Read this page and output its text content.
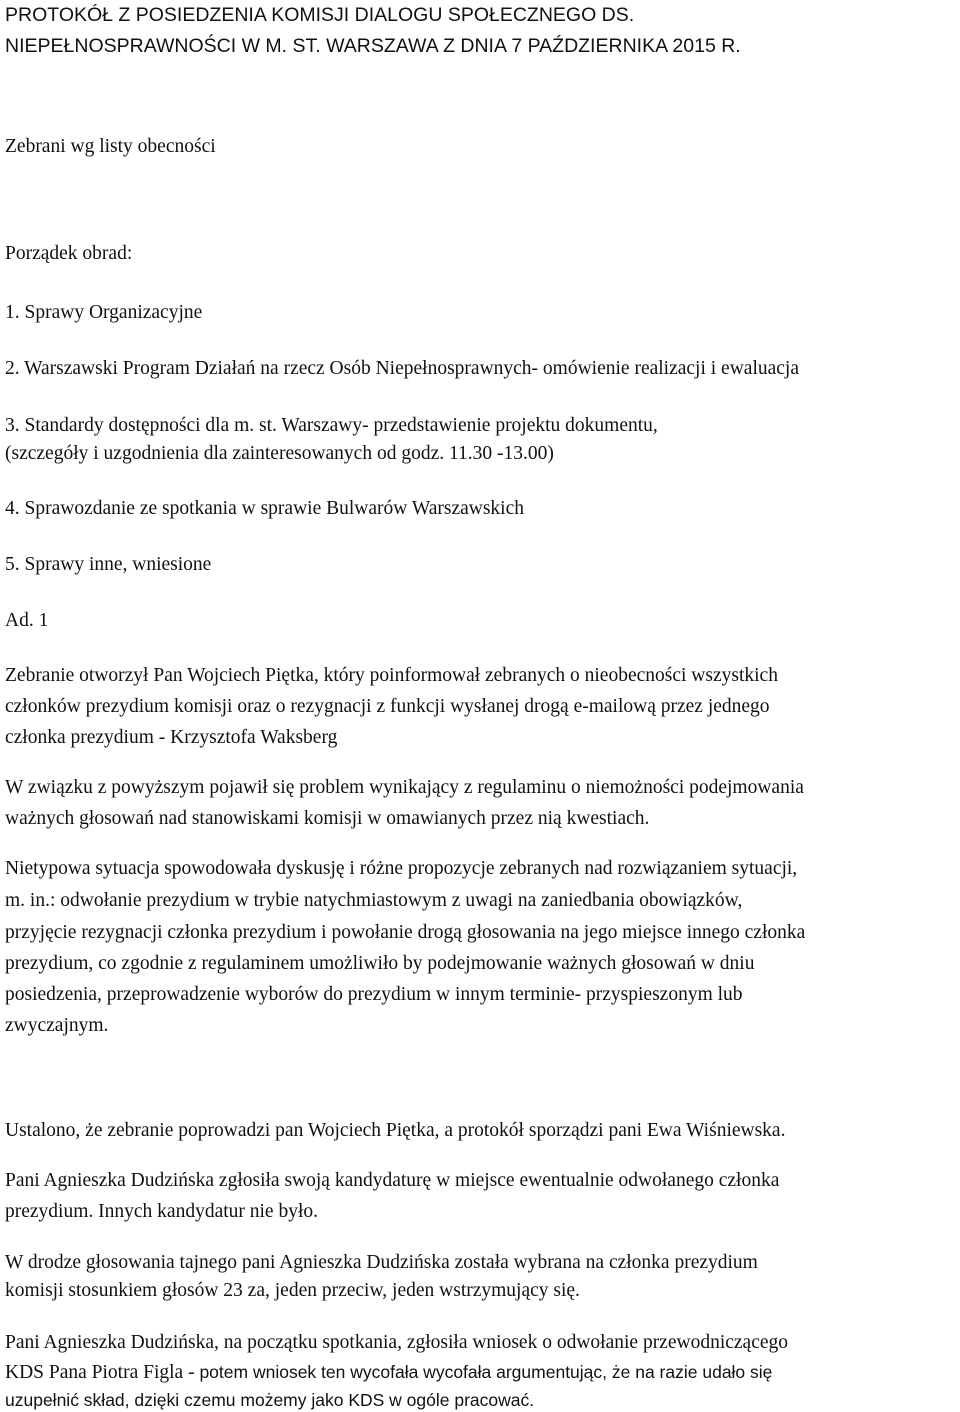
PROTOKÓŁ Z POSIEDZENIA KOMISJI DIALOGU SPOŁECZNEGO DS.

NIEPEŁNOSPRAWNOŚCI W M. ST. WARSZAWA Z DNIA 7 PAŹDZIERNIKA 2015 R.

Zebrani wg listy obecności

Porządek obrad:

1. Sprawy Organizacyjne

2. Warszawski Program Działań na rzecz Osób Niepełnosprawnych- omówienie realizacji i ewaluacja

3. Standardy dostępności dla m. st. Warszawy- przedstawienie projektu dokumentu,

(szczegóły i uzgodnienia dla zainteresowanych od godz. 11.30 -13.00)

4. Sprawozdanie ze spotkania w sprawie Bulwarów Warszawskich

5. Sprawy inne, wniesione

Ad. 1

Zebranie otworzył Pan Wojciech Piętka, który poinformował zebranych o nieobecności wszystkich

członków prezydium komisji oraz o rezygnacji z funkcji wysłanej drogą e-mailową przez jednego

członka prezydium - Krzysztofa Waksberg

W związku z powyższym pojawił się problem wynikający z regulaminu o niemożności podejmowania

ważnych głosowań nad stanowiskami komisji w omawianych przez nią kwestiach.

Nietypowa sytuacja spowodowała dyskusję i różne propozycje zebranych nad rozwiązaniem sytuacji,

m. in.: odwołanie prezydium w trybie natychmiastowym z uwagi na zaniedbania obowiązków,

przyjęcie rezygnacji członka prezydium i powołanie drogą głosowania na jego miejsce innego członka

prezydium, co zgodnie z regulaminem umożliwiło by podejmowanie ważnych głosowań w dniu

posiedzenia, przeprowadzenie wyborów do prezydium w innym terminie- przyspieszonym lub

zwyczajnym.

Ustalono, że zebranie poprowadzi pan Wojciech Piętka, a protokół sporządzi pani Ewa Wiśniewska.

Pani Agnieszka Dudzińska zgłosiła swoją kandydaturę w miejsce ewentualnie odwołanego członka

prezydium. Innych kandydatur nie było.

W drodze głosowania tajnego pani Agnieszka Dudzińska została wybrana na członka prezydium

komisji stosunkiem głosów 23 za, jeden przeciw, jeden wstrzymujący się.

Pani Agnieszka Dudzińska, na początku spotkania, zgłosiła wniosek o odwołanie przewodniczącego

KDS Pana Piotra Figla - potem wniosek ten wycofała wycofała argumentując, że na razie udało się

uzupełnić skład, dzięki czemu możemy jako KDS w ogóle pracować.
